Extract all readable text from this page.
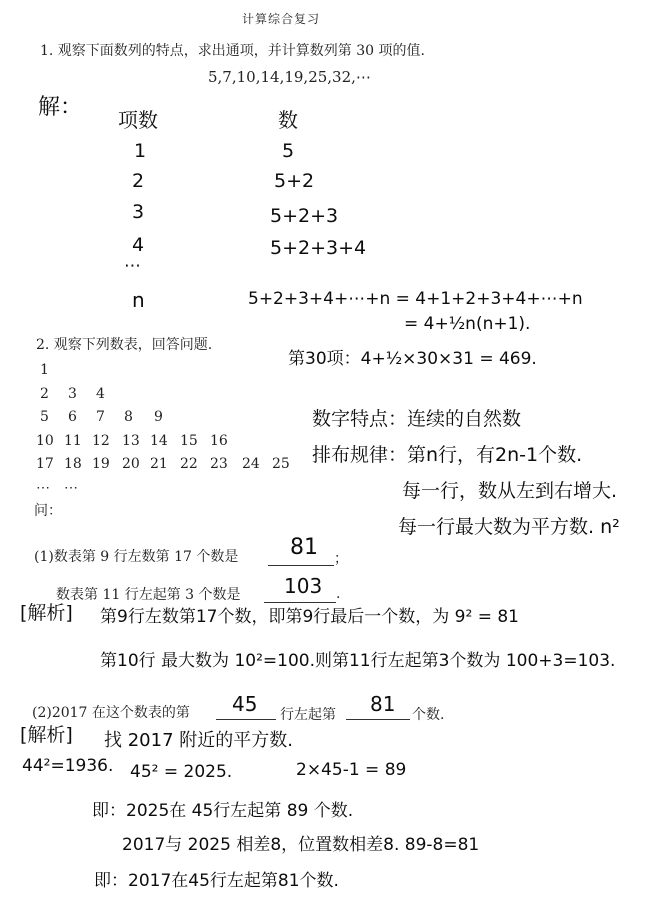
计算综合复习
1. 观察下面数列的特点，求出通项，并计算数列第 30 项的值.
5,7,10,14,19,25,32,⋯
解： 项数	数
1	5
2	5+2
3	5+2+3
4	5+2+3+4
⋯
n	5+2+3+4+⋯+n = 4+1+2+3+4+⋯+n
= 4+½n(n+1).
第30项：4+½×30×31 = 469.
2. 观察下列数表，回答问题.
1
2 3 4
5 6 7 8 9
10 11 12 13 14 15 16
17 18 19 20 21 22 23 24 25
⋯ ⋯
数字特点：连续的自然数
排布规律：第n行，有2n-1个数.
每一行，数从左到右增大.
每一行最大数为平方数. n²
问：
(1)数表第 9 行左数第 17 个数是 81 ；
数表第 11 行左起第 3 个数是 103 .
[解析] 第9行左数第17个数，即第9行最后一个数，为 9² = 81
第10行 最大数为 10²=100.则第11行左起第3个数为 100+3=103.
(2)2017 在这个数表的第 45 行左起第 81 个数.
[解析] 找 2017 附近的平方数.
44²=1936. 45² = 2025.	2×45-1 = 89
即：2025在 45行左起第 89 个数.
2017与 2025 相差8，位置数相差8. 89-8=81
即：2017在45行左起第81个数.
